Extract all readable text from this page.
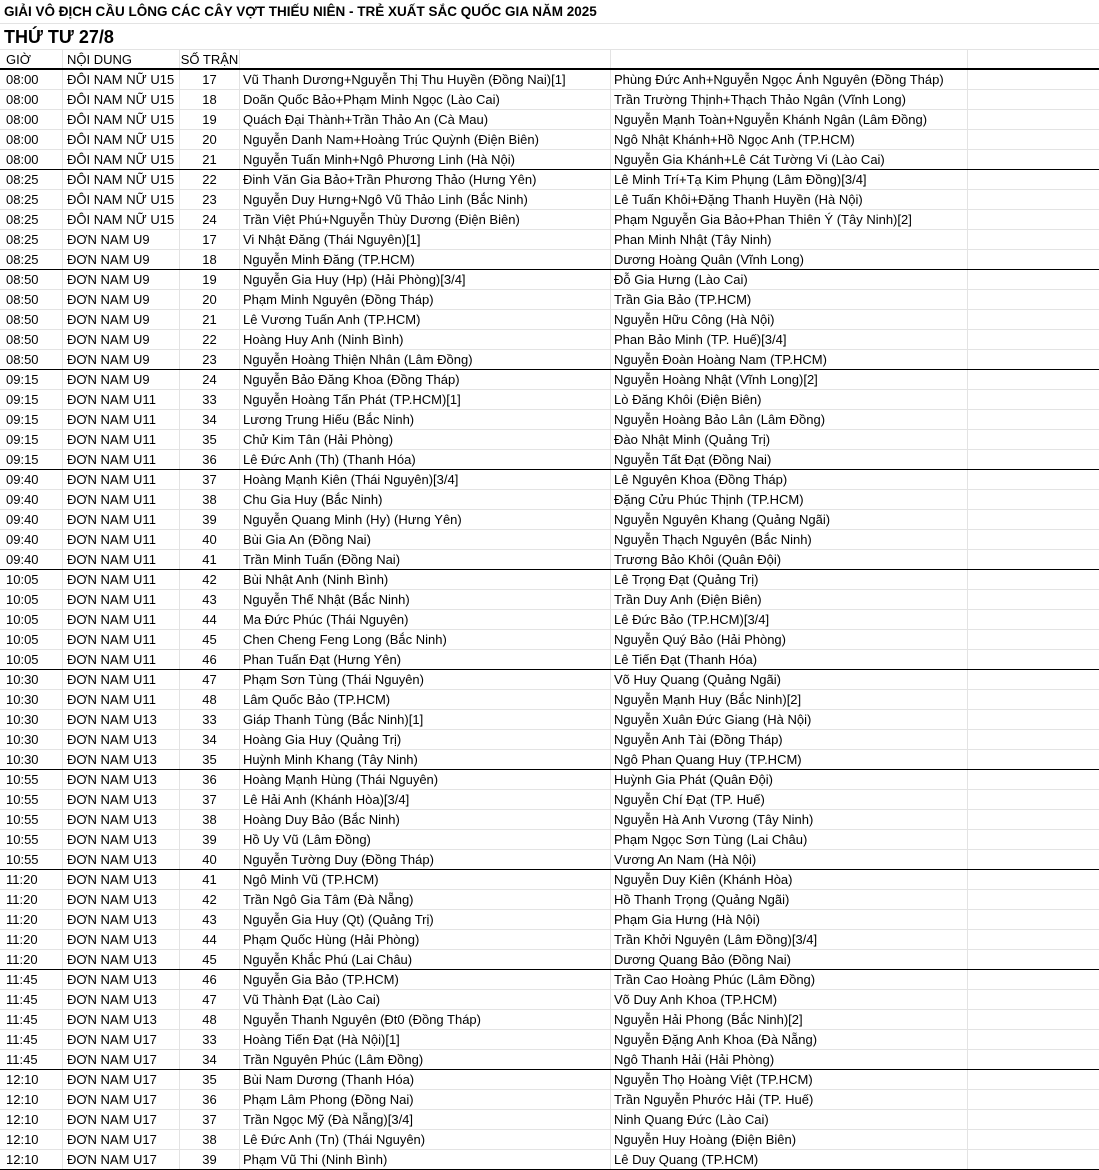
GIẢI VÔ ĐỊCH CẦU LÔNG CÁC CÂY VỢT THIẾU NIÊN - TRẺ XUẤT SẮC QUỐC GIA NĂM 2025
THỨ TƯ 27/8
GIỜ	NỘI DUNG	SỐ TRẬN
08:00	ĐÔI NAM NỮ U15	17	Vũ Thanh Dương+Nguyễn Thị Thu Huyền (Đồng Nai)[1]	Phùng Đức Anh+Nguyễn Ngọc Ánh Nguyên (Đồng Tháp)
08:00	ĐÔI NAM NỮ U15	18	Doãn Quốc Bảo+Phạm Minh Ngọc (Lào Cai)	Trần Trường Thịnh+Thạch Thảo Ngân (Vĩnh Long)
08:00	ĐÔI NAM NỮ U15	19	Quách Đại Thành+Trần Thảo An (Cà Mau)	Nguyễn Mạnh Toàn+Nguyễn Khánh Ngân (Lâm Đồng)
08:00	ĐÔI NAM NỮ U15	20	Nguyễn Danh Nam+Hoàng Trúc Quỳnh (Điện Biên)	Ngô Nhật Khánh+Hồ Ngọc Anh (TP.HCM)
08:00	ĐÔI NAM NỮ U15	21	Nguyễn Tuấn Minh+Ngô Phương Linh (Hà Nội)	Nguyễn Gia Khánh+Lê Cát Tường Vi (Lào Cai)
08:25	ĐÔI NAM NỮ U15	22	Đinh Văn Gia Bảo+Trần Phương Thảo (Hưng Yên)	Lê Minh Trí+Tạ Kim Phụng (Lâm Đồng)[3/4]
08:25	ĐÔI NAM NỮ U15	23	Nguyễn Duy Hưng+Ngô Vũ Thảo Linh (Bắc Ninh)	Lê Tuấn Khôi+Đặng Thanh Huyền (Hà Nội)
08:25	ĐÔI NAM NỮ U15	24	Trần Việt Phú+Nguyễn Thùy Dương (Điện Biên)	Phạm Nguyễn Gia Bảo+Phan Thiên Ý (Tây Ninh)[2]
08:25	ĐƠN NAM U9	17	Vi Nhật Đăng (Thái Nguyên)[1]	Phan Minh Nhật (Tây Ninh)
08:25	ĐƠN NAM U9	18	Nguyễn Minh Đăng (TP.HCM)	Dương Hoàng Quân (Vĩnh Long)
08:50	ĐƠN NAM U9	19	Nguyễn Gia Huy (Hp) (Hải Phòng)[3/4]	Đỗ Gia Hưng (Lào Cai)
08:50	ĐƠN NAM U9	20	Phạm Minh Nguyên (Đồng Tháp)	Trần Gia Bảo (TP.HCM)
08:50	ĐƠN NAM U9	21	Lê Vương Tuấn Anh (TP.HCM)	Nguyễn Hữu Công (Hà Nội)
08:50	ĐƠN NAM U9	22	Hoàng Huy Anh (Ninh Bình)	Phan Bảo Minh (TP. Huế)[3/4]
08:50	ĐƠN NAM U9	23	Nguyễn Hoàng Thiện Nhân (Lâm Đồng)	Nguyễn Đoàn Hoàng Nam (TP.HCM)
09:15	ĐƠN NAM U9	24	Nguyễn Bảo Đăng Khoa (Đồng Tháp)	Nguyễn Hoàng Nhật (Vĩnh Long)[2]
09:15	ĐƠN NAM U11	33	Nguyễn Hoàng Tấn Phát (TP.HCM)[1]	Lò Đăng Khôi (Điện Biên)
09:15	ĐƠN NAM U11	34	Lương Trung Hiếu (Bắc Ninh)	Nguyễn Hoàng Bảo Lân (Lâm Đồng)
09:15	ĐƠN NAM U11	35	Chử Kim Tân (Hải Phòng)	Đào Nhật Minh (Quảng Trị)
09:15	ĐƠN NAM U11	36	Lê Đức Anh (Th) (Thanh Hóa)	Nguyễn Tất Đạt (Đồng Nai)
09:40	ĐƠN NAM U11	37	Hoàng Mạnh Kiên (Thái Nguyên)[3/4]	Lê Nguyên Khoa (Đồng Tháp)
09:40	ĐƠN NAM U11	38	Chu Gia Huy (Bắc Ninh)	Đặng Cửu Phúc Thịnh (TP.HCM)
09:40	ĐƠN NAM U11	39	Nguyễn Quang Minh (Hy) (Hưng Yên)	Nguyễn Nguyên Khang (Quảng Ngãi)
09:40	ĐƠN NAM U11	40	Bùi Gia An (Đồng Nai)	Nguyễn Thạch Nguyên (Bắc Ninh)
09:40	ĐƠN NAM U11	41	Trần Minh Tuấn (Đồng Nai)	Trương Bảo Khôi (Quân Đội)
10:05	ĐƠN NAM U11	42	Bùi Nhật Anh (Ninh Bình)	Lê Trọng Đạt (Quảng Trị)
10:05	ĐƠN NAM U11	43	Nguyễn Thế Nhật (Bắc Ninh)	Trần Duy Anh (Điện Biên)
10:05	ĐƠN NAM U11	44	Ma Đức Phúc (Thái Nguyên)	Lê Đức Bảo (TP.HCM)[3/4]
10:05	ĐƠN NAM U11	45	Chen Cheng Feng Long (Bắc Ninh)	Nguyễn Quý Bảo (Hải Phòng)
10:05	ĐƠN NAM U11	46	Phan Tuấn Đạt (Hưng Yên)	Lê Tiến Đạt (Thanh Hóa)
10:30	ĐƠN NAM U11	47	Phạm Sơn Tùng (Thái Nguyên)	Võ Huy Quang (Quảng Ngãi)
10:30	ĐƠN NAM U11	48	Lâm Quốc Bảo (TP.HCM)	Nguyễn Mạnh Huy (Bắc Ninh)[2]
10:30	ĐƠN NAM U13	33	Giáp Thanh Tùng (Bắc Ninh)[1]	Nguyễn Xuân Đức Giang (Hà Nội)
10:30	ĐƠN NAM U13	34	Hoàng Gia Huy (Quảng Trị)	Nguyễn Anh Tài (Đồng Tháp)
10:30	ĐƠN NAM U13	35	Huỳnh Minh Khang (Tây Ninh)	Ngô Phan Quang Huy (TP.HCM)
10:55	ĐƠN NAM U13	36	Hoàng Mạnh Hùng (Thái Nguyên)	Huỳnh Gia Phát (Quân Đội)
10:55	ĐƠN NAM U13	37	Lê Hải Anh (Khánh Hòa)[3/4]	Nguyễn Chí Đạt (TP. Huế)
10:55	ĐƠN NAM U13	38	Hoàng Duy Bảo (Bắc Ninh)	Nguyễn Hà Anh Vương (Tây Ninh)
10:55	ĐƠN NAM U13	39	Hồ Uy Vũ (Lâm Đồng)	Phạm Ngọc Sơn Tùng (Lai Châu)
10:55	ĐƠN NAM U13	40	Nguyễn Tường Duy (Đồng Tháp)	Vương An Nam (Hà Nội)
11:20	ĐƠN NAM U13	41	Ngô Minh Vũ (TP.HCM)	Nguyễn Duy Kiên (Khánh Hòa)
11:20	ĐƠN NAM U13	42	Trần Ngô Gia Tâm (Đà Nẵng)	Hồ Thanh Trọng (Quảng Ngãi)
11:20	ĐƠN NAM U13	43	Nguyễn Gia Huy (Qt) (Quảng Trị)	Phạm Gia Hưng (Hà Nội)
11:20	ĐƠN NAM U13	44	Phạm Quốc Hùng (Hải Phòng)	Trần Khởi Nguyên (Lâm Đồng)[3/4]
11:20	ĐƠN NAM U13	45	Nguyễn Khắc Phú (Lai Châu)	Dương Quang Bảo (Đồng Nai)
11:45	ĐƠN NAM U13	46	Nguyễn Gia Bảo (TP.HCM)	Trần Cao Hoàng Phúc (Lâm Đồng)
11:45	ĐƠN NAM U13	47	Vũ Thành Đạt (Lào Cai)	Võ Duy Anh Khoa (TP.HCM)
11:45	ĐƠN NAM U13	48	Nguyễn Thanh Nguyên (Đt0 (Đồng Tháp)	Nguyễn Hải Phong (Bắc Ninh)[2]
11:45	ĐƠN NAM U17	33	Hoàng Tiến Đạt (Hà Nội)[1]	Nguyễn Đặng Anh Khoa (Đà Nẵng)
11:45	ĐƠN NAM U17	34	Trần Nguyên Phúc (Lâm Đồng)	Ngô Thanh Hải (Hải Phòng)
12:10	ĐƠN NAM U17	35	Bùi Nam Dương (Thanh Hóa)	Nguyễn Thọ Hoàng Việt (TP.HCM)
12:10	ĐƠN NAM U17	36	Phạm Lâm Phong (Đồng Nai)	Trần Nguyễn Phước Hải (TP. Huế)
12:10	ĐƠN NAM U17	37	Trần Ngọc Mỹ (Đà Nẵng)[3/4]	Ninh Quang Đức (Lào Cai)
12:10	ĐƠN NAM U17	38	Lê Đức Anh (Tn) (Thái Nguyên)	Nguyễn Huy Hoàng (Điện Biên)
12:10	ĐƠN NAM U17	39	Phạm Vũ Thi (Ninh Bình)	Lê Duy Quang (TP.HCM)
